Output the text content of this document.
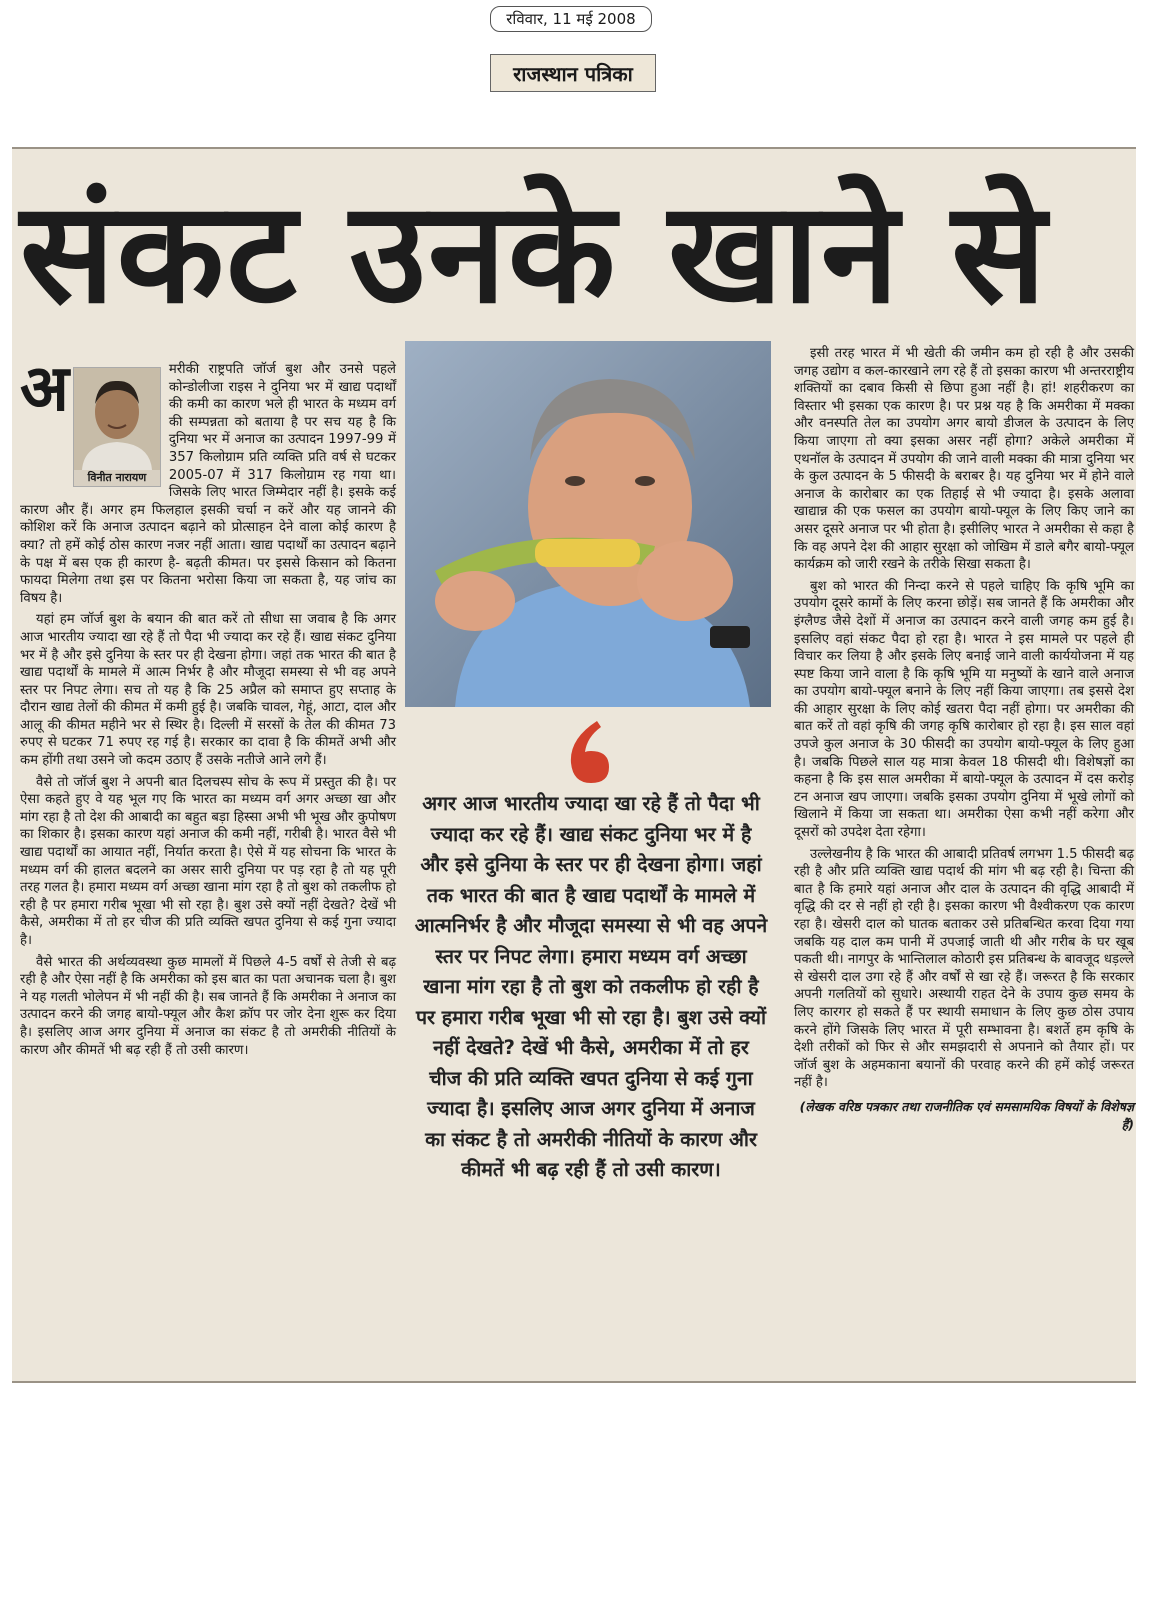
रविवार, 11 मई 2008
राजस्थान पत्रिका
संकट उनके खाने से

अ
विनीत नारायण
मरीकी राष्ट्रपति जॉर्ज बुश और उनसे पहले कोन्डोलीजा राइस ने दुनिया भर में खाद्य पदार्थों की कमी का कारण भले ही भारत के मध्यम वर्ग की सम्पन्नता को बताया है पर सच यह है कि दुनिया भर में अनाज का उत्पादन 1997-99 में 357 किलोग्राम प्रति व्यक्ति प्रति वर्ष से घटकर 2005-07 में 317 किलोग्राम रह गया था। जिसके लिए भारत जिम्मेदार नहीं है। इसके कई कारण और हैं। अगर हम फिलहाल इसकी चर्चा न करें और यह जानने की कोशिश करें कि अनाज उत्पादन बढ़ाने को प्रोत्साहन देने वाला कोई कारण है क्या? तो हमें कोई ठोस कारण नजर नहीं आता। खाद्य पदार्थों का उत्पादन बढ़ाने के पक्ष में बस एक ही कारण है- बढ़ती कीमत। पर इससे किसान को कितना फायदा मिलेगा तथा इस पर कितना भरोसा किया जा सकता है, यह जांच का विषय है।

यहां हम जॉर्ज बुश के बयान की बात करें तो सीधा सा जवाब है कि अगर आज भारतीय ज्यादा खा रहे हैं तो पैदा भी ज्यादा कर रहे हैं। खाद्य संकट दुनिया भर में है और इसे दुनिया के स्तर पर ही देखना होगा। जहां तक भारत की बात है खाद्य पदार्थों के मामले में आत्म निर्भर है और मौजूदा समस्या से भी वह अपने स्तर पर निपट लेगा। सच तो यह है कि 25 अप्रैल को समाप्त हुए सप्ताह के दौरान खाद्य तेलों की कीमत में कमी हुई है। जबकि चावल, गेहूं, आटा, दाल और आलू की कीमत महीने भर से स्थिर है। दिल्ली में सरसों के तेल की कीमत 73 रुपए से घटकर 71 रुपए रह गई है। सरकार का दावा है कि कीमतें अभी और कम होंगी तथा उसने जो कदम उठाए हैं उसके नतीजे आने लगे हैं।

वैसे तो जॉर्ज बुश ने अपनी बात दिलचस्प सोच के रूप में प्रस्तुत की है। पर ऐसा कहते हुए वे यह भूल गए कि भारत का मध्यम वर्ग अगर अच्छा खा और मांग रहा है तो देश की आबादी का बहुत बड़ा हिस्सा अभी भी भूख और कुपोषण का शिकार है। इसका कारण यहां अनाज की कमी नहीं, गरीबी है। भारत वैसे भी खाद्य पदार्थों का आयात नहीं, निर्यात करता है। ऐसे में यह सोचना कि भारत के मध्यम वर्ग की हालत बदलने का असर सारी दुनिया पर पड़ रहा है तो यह पूरी तरह गलत है। हमारा मध्यम वर्ग अच्छा खाना मांग रहा है तो बुश को तकलीफ हो रही है पर हमारा गरीब भूखा भी सो रहा है। बुश उसे क्यों नहीं देखते? देखें भी कैसे, अमरीका में तो हर चीज की प्रति व्यक्ति खपत दुनिया से कई गुना ज्यादा है।

वैसे भारत की अर्थव्यवस्था कुछ मामलों में पिछले 4-5 वर्षों से तेजी से बढ़ रही है और ऐसा नहीं है कि अमरीका को इस बात का पता अचानक चला है। बुश ने यह गलती भोलेपन में भी नहीं की है। सब जानते हैं कि अमरीका ने अनाज का उत्पादन करने की जगह बायो-फ्यूल और कैश क्रॉप पर जोर देना शुरू कर दिया है। इसलिए आज अगर दुनिया में अनाज का संकट है तो अमरीकी नीतियों के कारण और कीमतें भी बढ़ रही हैं तो उसी कारण।

अगर आज भारतीय ज्यादा खा रहे हैं तो पैदा भी ज्यादा कर रहे हैं। खाद्य संकट दुनिया भर में है और इसे दुनिया के स्तर पर ही देखना होगा। जहां तक भारत की बात है खाद्य पदार्थों के मामले में आत्मनिर्भर है और मौजूदा समस्या से भी वह अपने स्तर पर निपट लेगा। हमारा मध्यम वर्ग अच्छा खाना मांग रहा है तो बुश को तकलीफ हो रही है पर हमारा गरीब भूखा भी सो रहा है। बुश उसे क्यों नहीं देखते? देखें भी कैसे, अमरीका में तो हर चीज की प्रति व्यक्ति खपत दुनिया से कई गुना ज्यादा है। इसलिए आज अगर दुनिया में अनाज का संकट है तो अमरीकी नीतियों के कारण और कीमतें भी बढ़ रही हैं तो उसी कारण।

इसी तरह भारत में भी खेती की जमीन कम हो रही है और उसकी जगह उद्योग व कल-कारखाने लग रहे हैं तो इसका कारण भी अन्तरराष्ट्रीय शक्तियों का दबाव किसी से छिपा हुआ नहीं है। हां! शहरीकरण का विस्तार भी इसका एक कारण है। पर प्रश्न यह है कि अमरीका में मक्का और वनस्पति तेल का उपयोग अगर बायो डीजल के उत्पादन के लिए किया जाएगा तो क्या इसका असर नहीं होगा? अकेले अमरीका में एथनॉल के उत्पादन में उपयोग की जाने वाली मक्का की मात्रा दुनिया भर के कुल उत्पादन के 5 फीसदी के बराबर है। यह दुनिया भर में होने वाले अनाज के कारोबार का एक तिहाई से भी ज्यादा है। इसके अलावा खाद्यान्न की एक फसल का उपयोग बायो-फ्यूल के लिए किए जाने का असर दूसरे अनाज पर भी होता है। इसीलिए भारत ने अमरीका से कहा है कि वह अपने देश की आहार सुरक्षा को जोखिम में डाले बगैर बायो-फ्यूल कार्यक्रम को जारी रखने के तरीके सिखा सकता है।

बुश को भारत की निन्दा करने से पहले चाहिए कि कृषि भूमि का उपयोग दूसरे कामों के लिए करना छोड़ें। सब जानते हैं कि अमरीका और इंग्लैण्ड जैसे देशों में अनाज का उत्पादन करने वाली जगह कम हुई है। इसलिए वहां संकट पैदा हो रहा है। भारत ने इस मामले पर पहले ही विचार कर लिया है और इसके लिए बनाई जाने वाली कार्ययोजना में यह स्पष्ट किया जाने वाला है कि कृषि भूमि या मनुष्यों के खाने वाले अनाज का उपयोग बायो-फ्यूल बनाने के लिए नहीं किया जाएगा। तब इससे देश की आहार सुरक्षा के लिए कोई खतरा पैदा नहीं होगा। पर अमरीका की बात करें तो वहां कृषि की जगह कृषि कारोबार हो रहा है। इस साल वहां उपजे कुल अनाज के 30 फीसदी का उपयोग बायो-फ्यूल के लिए हुआ है। जबकि पिछले साल यह मात्रा केवल 18 फीसदी थी। विशेषज्ञों का कहना है कि इस साल अमरीका में बायो-फ्यूल के उत्पादन में दस करोड़ टन अनाज खप जाएगा। जबकि इसका उपयोग दुनिया में भूखे लोगों को खिलाने में किया जा सकता था। अमरीका ऐसा कभी नहीं करेगा और दूसरों को उपदेश देता रहेगा।

उल्लेखनीय है कि भारत की आबादी प्रतिवर्ष लगभग 1.5 फीसदी बढ़ रही है और प्रति व्यक्ति खाद्य पदार्थ की मांग भी बढ़ रही है। चिन्ता की बात है कि हमारे यहां अनाज और दाल के उत्पादन की वृद्धि आबादी में वृद्धि की दर से नहीं हो रही है। इसका कारण भी वैश्वीकरण एक कारण रहा है। खेसरी दाल को घातक बताकर उसे प्रतिबन्धित करवा दिया गया जबकि यह दाल कम पानी में उपजाई जाती थी और गरीब के घर खूब पकती थी। नागपुर के भान्तिलाल कोठारी इस प्रतिबन्ध के बावजूद धड़ल्ले से खेसरी दाल उगा रहे हैं और वर्षों से खा रहे हैं। जरूरत है कि सरकार अपनी गलतियों को सुधारे। अस्थायी राहत देने के उपाय कुछ समय के लिए कारगर हो सकते हैं पर स्थायी समाधान के लिए कुछ ठोस उपाय करने होंगे जिसके लिए भारत में पूरी सम्भावना है। बशर्ते हम कृषि के देशी तरीकों को फिर से और समझदारी से अपनाने को तैयार हों। पर जॉर्ज बुश के अहमकाना बयानों की परवाह करने की हमें कोई जरूरत नहीं है।

(लेखक वरिष्ठ पत्रकार तथा राजनीतिक एवं समसामयिक विषयों के विशेषज्ञ हैं)
